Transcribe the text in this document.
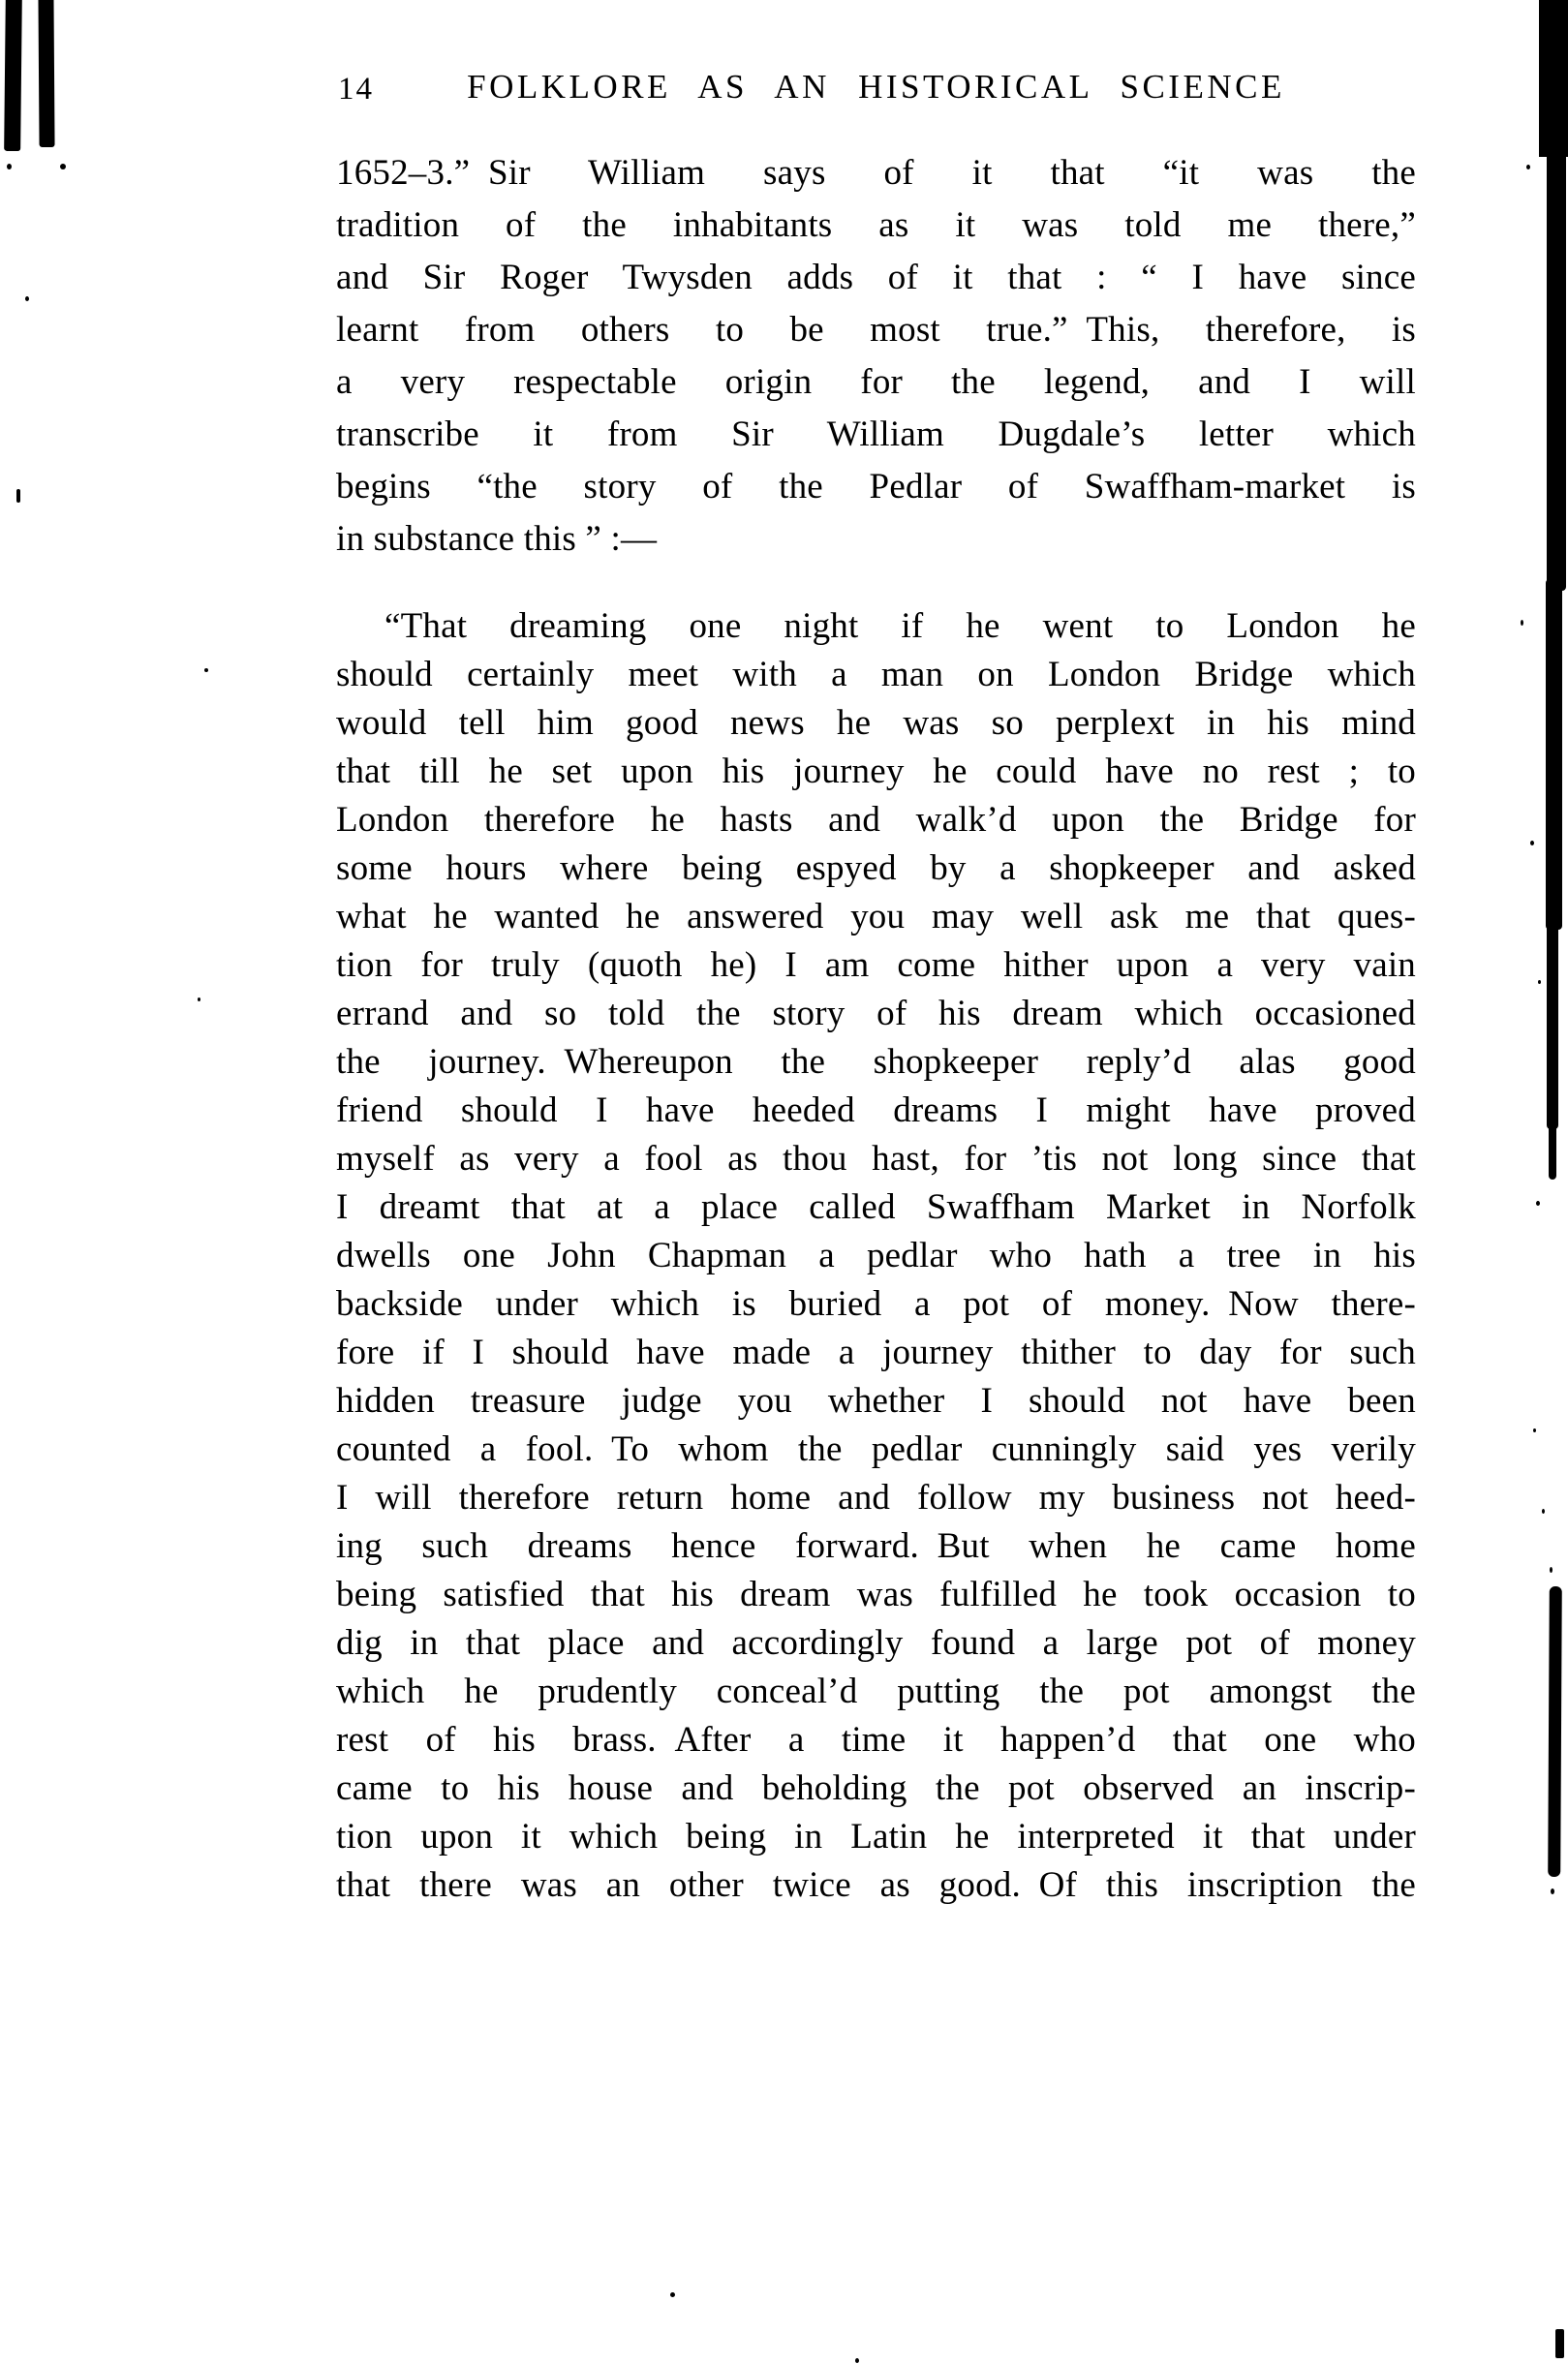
14	FOLKLORE AS AN HISTORICAL SCIENCE
1652–3.” Sir William says of it that “it was the
tradition of the inhabitants as it was told me there,”
and Sir Roger Twysden adds of it that : “ I have since
learnt from others to be most true.” This, therefore, is
a very respectable origin for the legend, and I will
transcribe it from Sir William Dugdale’s letter which
begins “the story of the Pedlar of Swaffham-market is
in substance this ” :—
“That dreaming one night if he went to London he
should certainly meet with a man on London Bridge which
would tell him good news he was so perplext in his mind
that till he set upon his journey he could have no rest ; to
London therefore he hasts and walk’d upon the Bridge for
some hours where being espyed by a shopkeeper and asked
what he wanted he answered you may well ask me that ques-
tion for truly (quoth he) I am come hither upon a very vain
errand and so told the story of his dream which occasioned
the journey. Whereupon the shopkeeper reply’d alas good
friend should I have heeded dreams I might have proved
myself as very a fool as thou hast, for ’tis not long since that
I dreamt that at a place called Swaffham Market in Norfolk
dwells one John Chapman a pedlar who hath a tree in his
backside under which is buried a pot of money. Now there-
fore if I should have made a journey thither to day for such
hidden treasure judge you whether I should not have been
counted a fool. To whom the pedlar cunningly said yes verily
I will therefore return home and follow my business not heed-
ing such dreams hence forward. But when he came home
being satisfied that his dream was fulfilled he took occasion to
dig in that place and accordingly found a large pot of money
which he prudently conceal’d putting the pot amongst the
rest of his brass. After a time it happen’d that one who
came to his house and beholding the pot observed an inscrip-
tion upon it which being in Latin he interpreted it that under
that there was an other twice as good. Of this inscription the
